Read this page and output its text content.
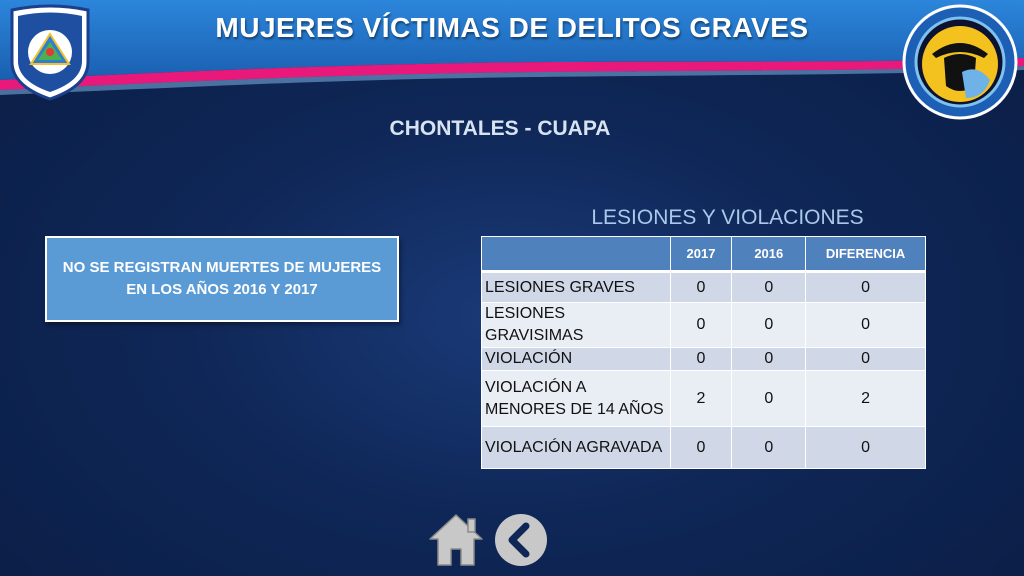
MUJERES VÍCTIMAS DE DELITOS GRAVES
CHONTALES - CUAPA
NO SE REGISTRAN MUERTES DE MUJERES EN LOS AÑOS 2016 Y 2017
LESIONES Y VIOLACIONES
	2017	2016	DIFERENCIA
LESIONES GRAVES	0	0	0
LESIONES GRAVISIMAS	0	0	0
VIOLACIÓN	0	0	0
VIOLACIÓN A MENORES DE 14 AÑOS	2	0	2
VIOLACIÓN AGRAVADA	0	0	0
